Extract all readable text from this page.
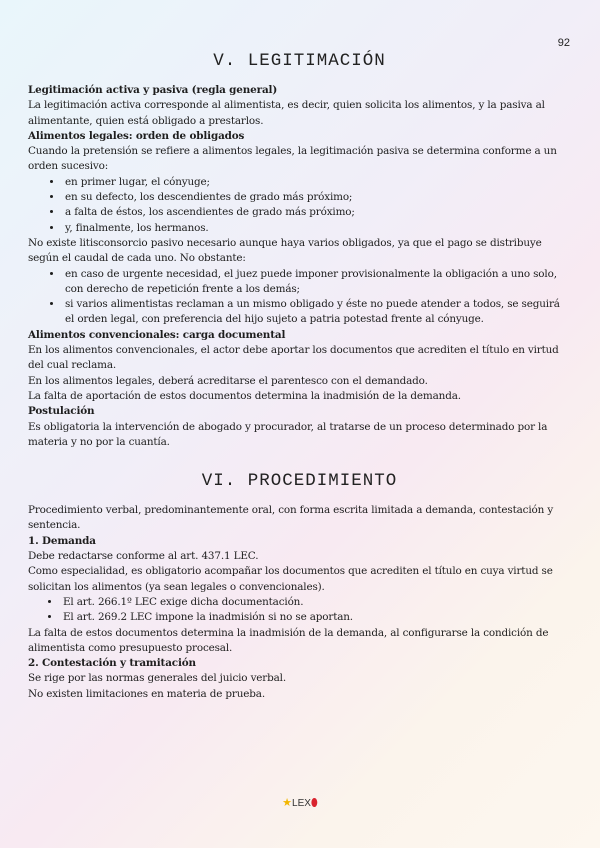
92
V. LEGITIMACIÓN
Legitimación activa y pasiva (regla general)

La legitimación activa corresponde al alimentista, es decir, quien solicita los alimentos, y la pasiva al alimentante, quien está obligado a prestarlos.

Alimentos legales: orden de obligados

Cuando la pretensión se refiere a alimentos legales, la legitimación pasiva se determina conforme a un orden sucesivo:

• en primer lugar, el cónyuge;
• en su defecto, los descendientes de grado más próximo;
• a falta de éstos, los ascendientes de grado más próximo;
• y, finalmente, los hermanos.

No existe litisconsorcio pasivo necesario aunque haya varios obligados, ya que el pago se distribuye según el caudal de cada uno. No obstante:

• en caso de urgente necesidad, el juez puede imponer provisionalmente la obligación a uno solo, con derecho de repetición frente a los demás;
• si varios alimentistas reclaman a un mismo obligado y éste no puede atender a todos, se seguirá el orden legal, con preferencia del hijo sujeto a patria potestad frente al cónyuge.
Alimentos convencionales: carga documental

En los alimentos convencionales, el actor debe aportar los documentos que acrediten el título en virtud del cual reclama.

En los alimentos legales, deberá acreditarse el parentesco con el demandado.

La falta de aportación de estos documentos determina la inadmisión de la demanda.

Postulación

Es obligatoria la intervención de abogado y procurador, al tratarse de un proceso determinado por la materia y no por la cuantía.

VI. PROCEDIMIENTO

Procedimiento verbal, predominantemente oral, con forma escrita limitada a demanda, contestación y sentencia.

1. Demanda

Debe redactarse conforme al art. 437.1 LEC.

Como especialidad, es obligatorio acompañar los documentos que acrediten el título en cuya virtud se solicitan los alimentos (ya sean legales o convencionales).

• El art. 266.1º LEC exige dicha documentación.
• El art. 269.2 LEC impone la inadmisión si no se aportan.

La falta de estos documentos determina la inadmisión de la demanda, al configurarse la condición de alimentista como presupuesto procesal.

2. Contestación y tramitación

Se rige por las normas generales del juicio verbal.

No existen limitaciones en materia de prueba.

★LEX⬮
